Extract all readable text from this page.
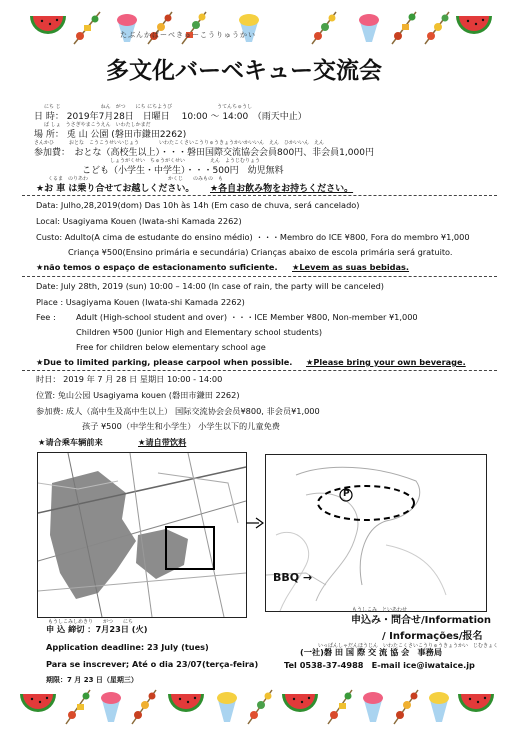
たぶんかばーべきゅーこうりゅうかい
多文化バーベキュー交流会
にち じ　　　　　　　　ねん　がつ　　にち にちようび　　　　　　　　　うてんちゅうし
日 時： 2019年7月28日　日曜日　 10:00 ～ 14:00　（雨天中止）
ば しょ　うさぎやまこうえん　いわたしかまだ
場 所： 兎 山 公園 (磐田市鎌田2262)
さんかひ　　　おとな　こうこうせいいじょう　　　　いわたこくさいこうりゅうきょうかいかいいん　えん　ひかいいん　えん
参加費：　おとな（高校生以上）・・・磐田国際交流協会会員800円、非会員1,000円
しょうがくせい　ちゅうがくせい　　　　　えん　ようじむりょう
こども（小学生・中学生）・・・500円　幼児無料
くるま　のりあわ　　　　　　　　　　　　　　　　かくじ　　のみもの　も
★お 車 は乗り合せてお越しください。 ★各自お飲み物をお持ちください。
Data: Julho,28,2019(dom) Das 10h às 14h (Em caso de chuva, será cancelado)
Local: Usagiyama Kouen (Iwata-shi Kamada 2262)
Custo: Adulto(A cima de estudante do ensino médio) ・・・Membro do ICE ¥800, Fora do membro ¥1,000
Criança ¥500(Ensino primária e secundária) Crianças abaixo de escola primária será gratuito.
★não temos o espaço de estacionamento suficiente. ★Levem as suas bebidas.
Date: July 28th, 2019 (sun) 10:00 – 14:00 (In case of rain, the party will be canceled)
Place : Usagiyama Kouen (Iwata-shi Kamada 2262)
Fee : Adult (High-school student and over) ・・・ICE Member ¥800, Non-member ¥1,000
Children ¥500 (Junior High and Elementary school students)
Free for children below elementary school age
★Due to limited parking, please carpool when possible. ★Please bring your own beverage.
时日： 2019 年 7 月 28 日 星期日 10:00 - 14:00
位置: 兔山公园 Usagiyama kouen (磐田市鎌田 2262)
参加费: 成人（高中生及高中生以上） 国际交流协会会员¥800, 非会员¥1,000
孩子 ¥500（中学生和小学生） 小学生以下的儿童免费
★请合乘车辆前来	★请自带饮料
P
BBQ →
もうしこみ　といあわせ
申込み・問合せ/Information
/ Informações/报名
もうしこみしめきり　　がつ　　にち
申 込 締切 ：7月23日 (火)
Application deadline: 23 July (tues)
Para se inscrever; Até o dia 23/07(terça-feira)
期限：7 月 23 日（星期三）
いっぱんしゃだんほうじん　いわたこくさいこうりゅうきょうかい　じむきょく
(一社)磐 田 国 際 交 流 協 会　事務局
Tel 0538-37-4988　E-mail ice@iwataice.jp
